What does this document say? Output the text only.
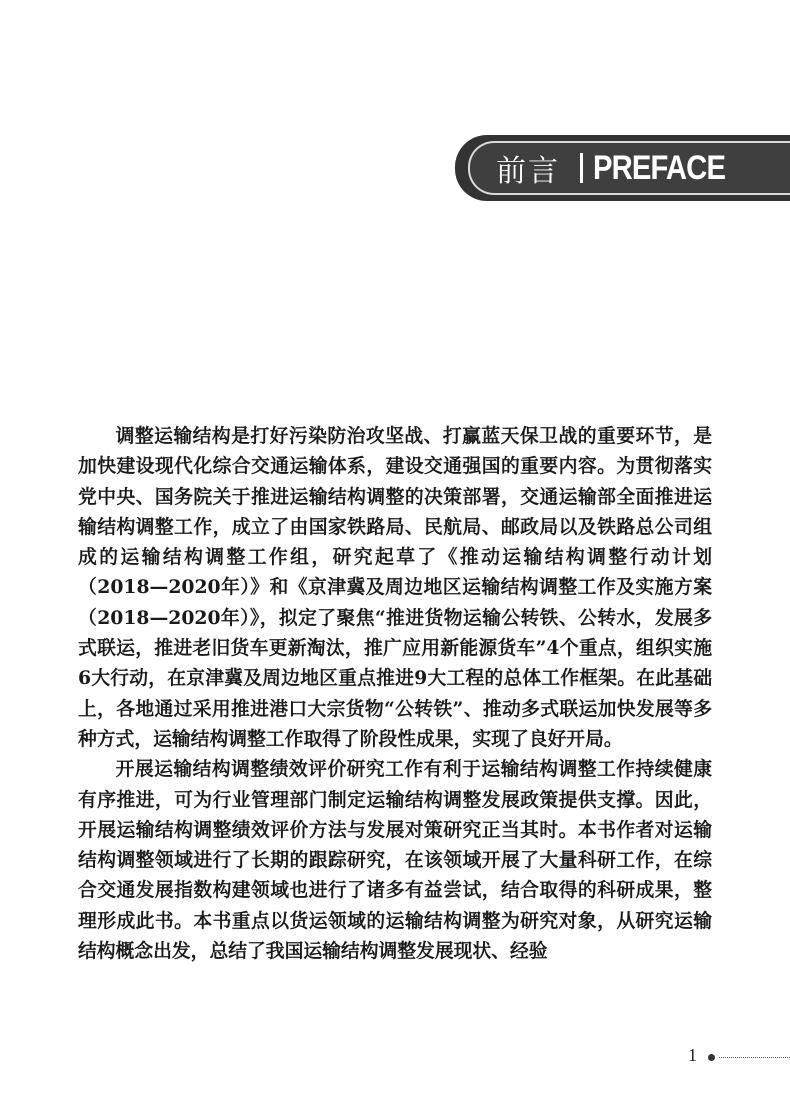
前言 PREFACE

调整运输结构是打好污染防治攻坚战、打赢蓝天保卫战的重要环节，是加快建设现代化综合交通运输体系，建设交通强国的重要内容。为贯彻落实党中央、国务院关于推进运输结构调整的决策部署，交通运输部全面推进运输结构调整工作，成立了由国家铁路局、民航局、邮政局以及铁路总公司组成的运输结构调整工作组，研究起草了《推动运输结构调整行动计划（2018—2020年）》和《京津冀及周边地区运输结构调整工作及实施方案（2018—2020年）》，拟定了聚焦“推进货物运输公转铁、公转水，发展多式联运，推进老旧货车更新淘汰，推广应用新能源货车”4个重点，组织实施6大行动，在京津冀及周边地区重点推进9大工程的总体工作框架。在此基础上，各地通过采用推进港口大宗货物“公转铁”、推动多式联运加快发展等多种方式，运输结构调整工作取得了阶段性成果，实现了良好开局。

开展运输结构调整绩效评价研究工作有利于运输结构调整工作持续健康有序推进，可为行业管理部门制定运输结构调整发展政策提供支撑。因此，开展运输结构调整绩效评价方法与发展对策研究正当其时。本书作者对运输结构调整领域进行了长期的跟踪研究，在该领域开展了大量科研工作，在综合交通发展指数构建领域也进行了诸多有益尝试，结合取得的科研成果，整理形成此书。本书重点以货运领域的运输结构调整为研究对象，从研究运输结构概念出发，总结了我国运输结构调整发展现状、经验

1
